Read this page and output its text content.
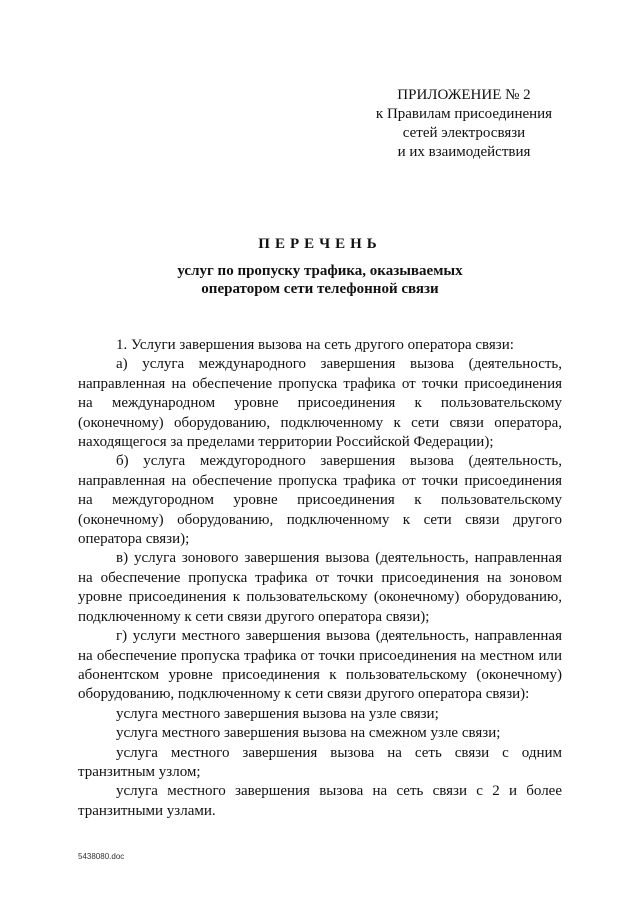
ПРИЛОЖЕНИЕ № 2
к Правилам присоединения
сетей электросвязи
и их взаимодействия
ПЕРЕЧЕНЬ
услуг по пропуску трафика, оказываемых
оператором сети телефонной связи

1. Услуги завершения вызова на сеть другого оператора связи:

а) услуга международного завершения вызова (деятельность, направленная на обеспечение пропуска трафика от точки присоединения на международном уровне присоединения к пользовательскому (оконечному) оборудованию, подключенному к сети связи оператора, находящегося за пределами территории Российской Федерации);

б) услуга междугородного завершения вызова (деятельность, направленная на обеспечение пропуска трафика от точки присоединения на междугородном уровне присоединения к пользовательскому (оконечному) оборудованию, подключенному к сети связи другого оператора связи);

в) услуга зонового завершения вызова (деятельность, направленная на обеспечение пропуска трафика от точки присоединения на зоновом уровне присоединения к пользовательскому (оконечному) оборудованию, подключенному к сети связи другого оператора связи);

г) услуги местного завершения вызова (деятельность, направленная на обеспечение пропуска трафика от точки присоединения на местном или абонентском уровне присоединения к пользовательскому (оконечному) оборудованию, подключенному к сети связи другого оператора связи):

услуга местного завершения вызова на узле связи;

услуга местного завершения вызова на смежном узле связи;

услуга местного завершения вызова на сеть связи с одним транзитным узлом;

услуга местного завершения вызова на сеть связи с 2 и более транзитными узлами.

5438080.doc
